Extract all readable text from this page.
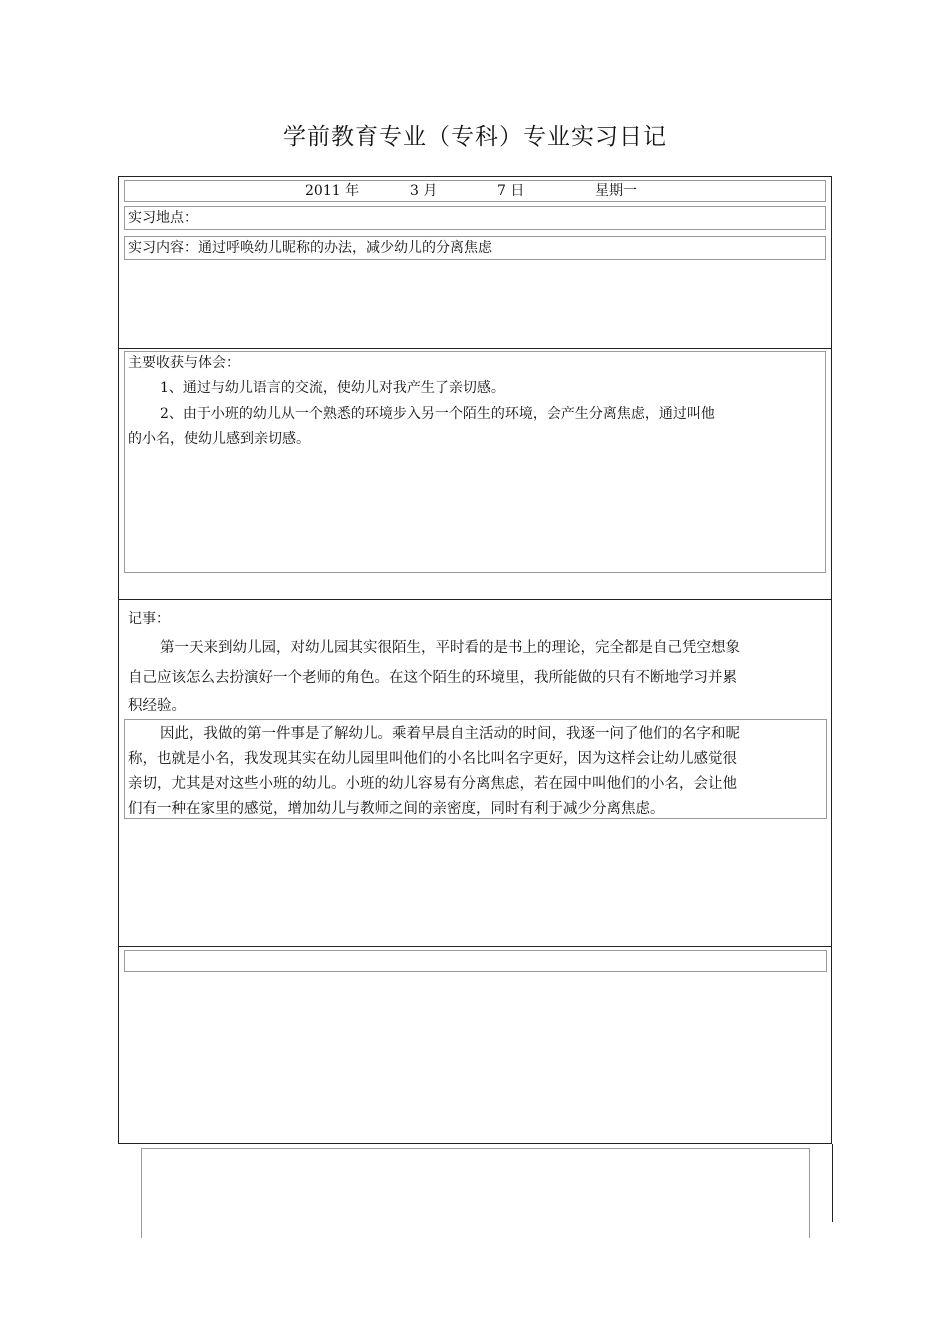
学前教育专业（专科）专业实习日记
2011 年	3 月	7 日	星期一
实习地点：
实习内容：通过呼唤幼儿昵称的办法，减少幼儿的分离焦虑
主要收获与体会：
1、通过与幼儿语言的交流，使幼儿对我产生了亲切感。
2、由于小班的幼儿从一个熟悉的环境步入另一个陌生的环境，会产生分离焦虑，通过叫他
的小名，使幼儿感到亲切感。
记事：
第一天来到幼儿园，对幼儿园其实很陌生，平时看的是书上的理论，完全都是自己凭空想象
自己应该怎么去扮演好一个老师的角色。在这个陌生的环境里，我所能做的只有不断地学习并累
积经验。
因此，我做的第一件事是了解幼儿。乘着早晨自主活动的时间，我逐一问了他们的名字和昵
称，也就是小名，我发现其实在幼儿园里叫他们的小名比叫名字更好，因为这样会让幼儿感觉很
亲切，尤其是对这些小班的幼儿。小班的幼儿容易有分离焦虑，若在园中叫他们的小名，会让他
们有一种在家里的感觉，增加幼儿与教师之间的亲密度，同时有利于减少分离焦虑。
